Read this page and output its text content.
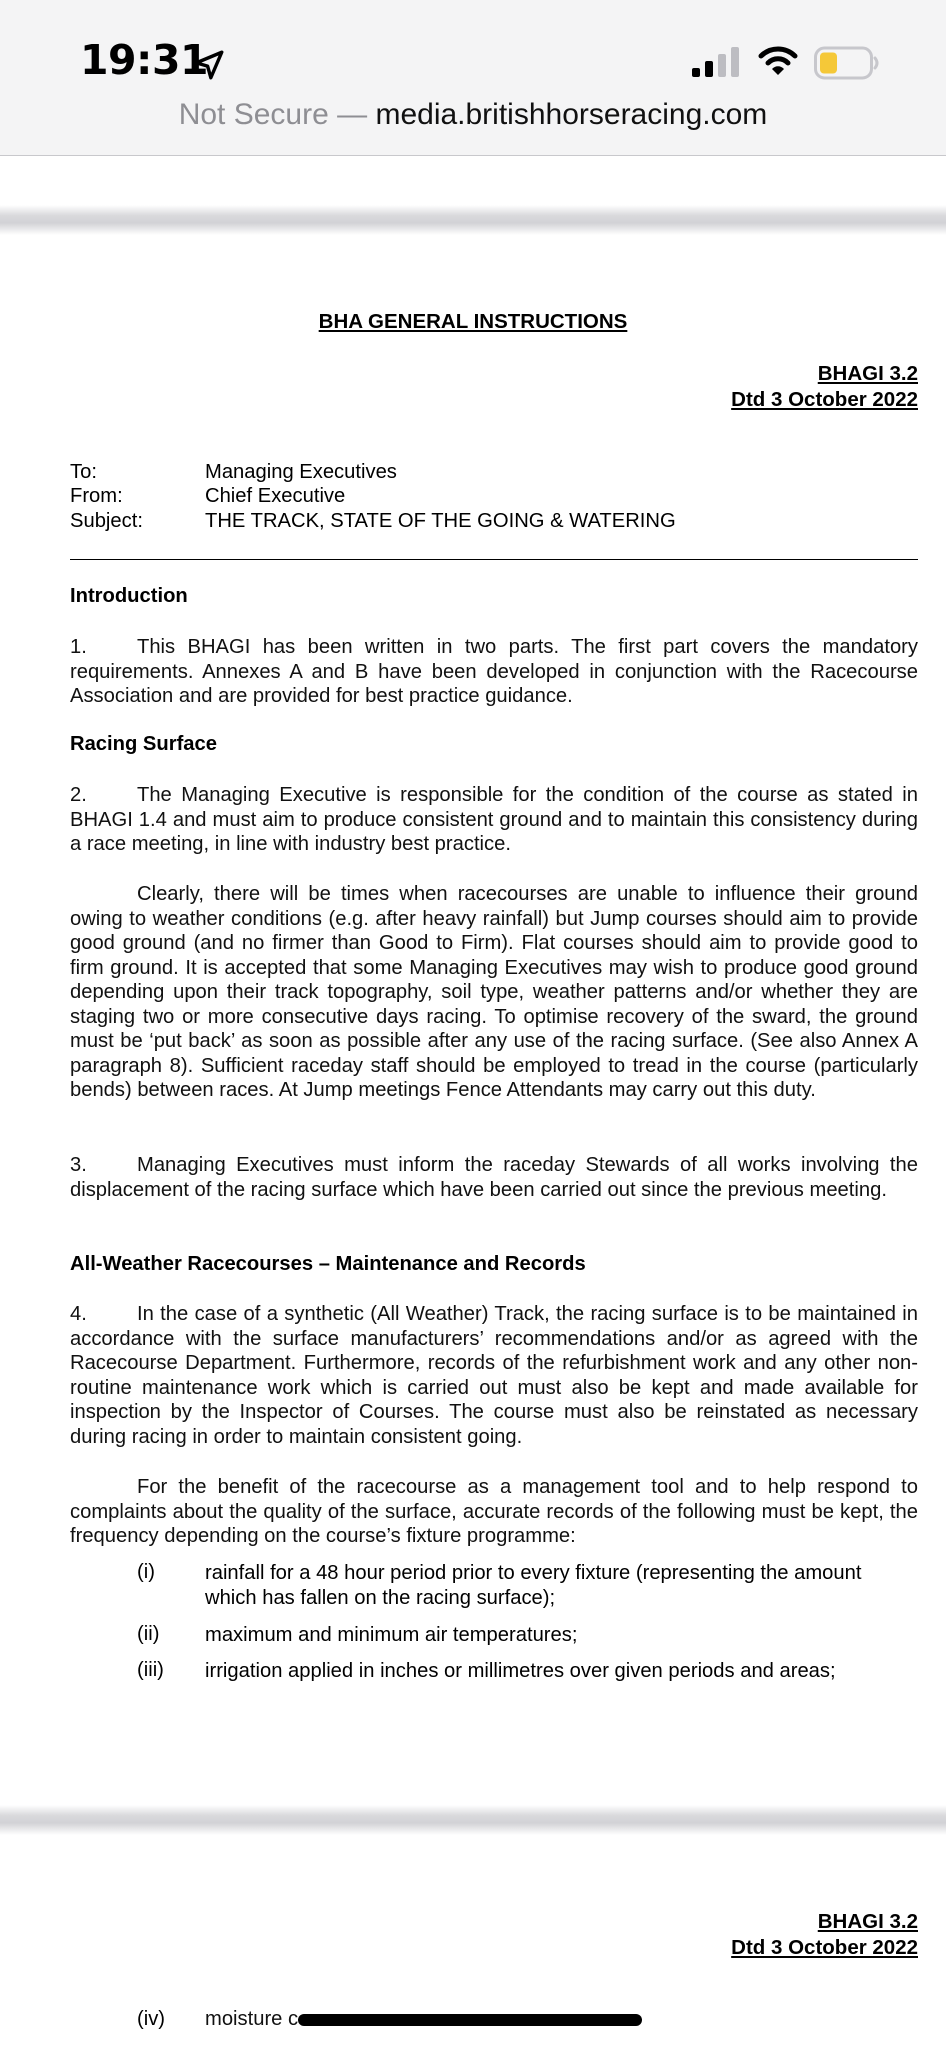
19:31
Not Secure — media.britishhorseracing.com
BHA GENERAL INSTRUCTIONS
BHAGI 3.2
Dtd 3 October 2022
To:	Managing Executives
From:	Chief Executive
Subject:	THE TRACK, STATE OF THE GOING & WATERING
Introduction
1. This BHAGI has been written in two parts. The first part covers the mandatory requirements. Annexes A and B have been developed in conjunction with the Racecourse Association and are provided for best practice guidance.
Racing Surface
2. The Managing Executive is responsible for the condition of the course as stated in BHAGI 1.4 and must aim to produce consistent ground and to maintain this consistency during a race meeting, in line with industry best practice.
Clearly, there will be times when racecourses are unable to influence their ground owing to weather conditions (e.g. after heavy rainfall) but Jump courses should aim to provide good ground (and no firmer than Good to Firm). Flat courses should aim to provide good to firm ground. It is accepted that some Managing Executives may wish to produce good ground depending upon their track topography, soil type, weather patterns and/or whether they are staging two or more consecutive days racing. To optimise recovery of the sward, the ground must be ‘put back’ as soon as possible after any use of the racing surface. (See also Annex A paragraph 8). Sufficient raceday staff should be employed to tread in the course (particularly bends) between races. At Jump meetings Fence Attendants may carry out this duty.
3. Managing Executives must inform the raceday Stewards of all works involving the displacement of the racing surface which have been carried out since the previous meeting.
All-Weather Racecourses – Maintenance and Records
4. In the case of a synthetic (All Weather) Track, the racing surface is to be maintained in accordance with the surface manufacturers’ recommendations and/or as agreed with the Racecourse Department. Furthermore, records of the refurbishment work and any other non-routine maintenance work which is carried out must also be kept and made available for inspection by the Inspector of Courses. The course must also be reinstated as necessary during racing in order to maintain consistent going.
For the benefit of the racecourse as a management tool and to help respond to complaints about the quality of the surface, accurate records of the following must be kept, the frequency depending on the course’s fixture programme:
(i) rainfall for a 48 hour period prior to every fixture (representing the amount which has fallen on the racing surface);
(ii) maximum and minimum air temperatures;
(iii) irrigation applied in inches or millimetres over given periods and areas;
BHAGI 3.2
Dtd 3 October 2022
(iv) moisture c
